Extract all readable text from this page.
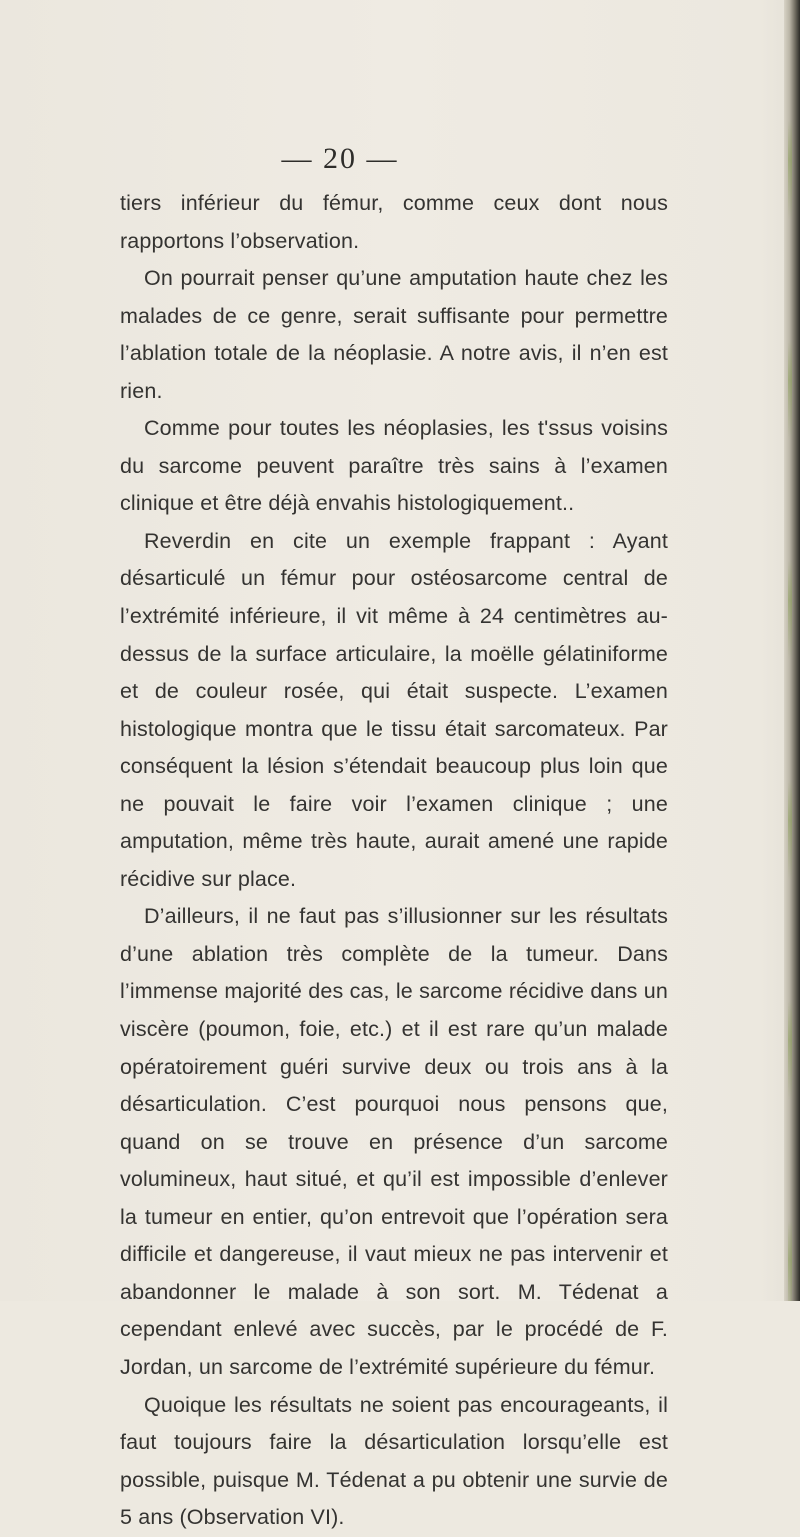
— 20 —

tiers inférieur du fémur, comme ceux dont nous rapportons l’observation.

On pourrait penser qu’une amputation haute chez les malades de ce genre, serait suffisante pour permettre l’ablation totale de la néoplasie. A notre avis, il n’en est rien.

Comme pour toutes les néoplasies, les t'ssus voisins du sarcome peuvent paraître très sains à l’examen clinique et être déjà envahis histologiquement..

Reverdin en cite un exemple frappant : Ayant désarticulé un fémur pour ostéosarcome central de l’extrémité inférieure, il vit même à 24 centimètres au-dessus de la surface articulaire, la moëlle gélatiniforme et de couleur rosée, qui était suspecte. L’examen histologique montra que le tissu était sarcomateux. Par conséquent la lésion s’étendait beaucoup plus loin que ne pouvait le faire voir l’examen clinique ; une amputation, même très haute, aurait amené une rapide récidive sur place.

D’ailleurs, il ne faut pas s’illusionner sur les résultats d’une ablation très complète de la tumeur. Dans l’immense majorité des cas, le sarcome récidive dans un viscère (poumon, foie, etc.) et il est rare qu’un malade opératoirement guéri survive deux ou trois ans à la désarticulation. C’est pourquoi nous pensons que, quand on se trouve en présence d’un sarcome volumineux, haut situé, et qu’il est impossible d’enlever la tumeur en entier, qu’on entrevoit que l’opération sera difficile et dangereuse, il vaut mieux ne pas intervenir et abandonner le malade à son sort. M. Tédenat a cependant enlevé avec succès, par le procédé de F. Jordan, un sarcome de l’extrémité supérieure du fémur.

Quoique les résultats ne soient pas encourageants, il faut toujours faire la désarticulation lorsqu’elle est possible, puisque M. Tédenat a pu obtenir une survie de 5 ans (Observation VI).
